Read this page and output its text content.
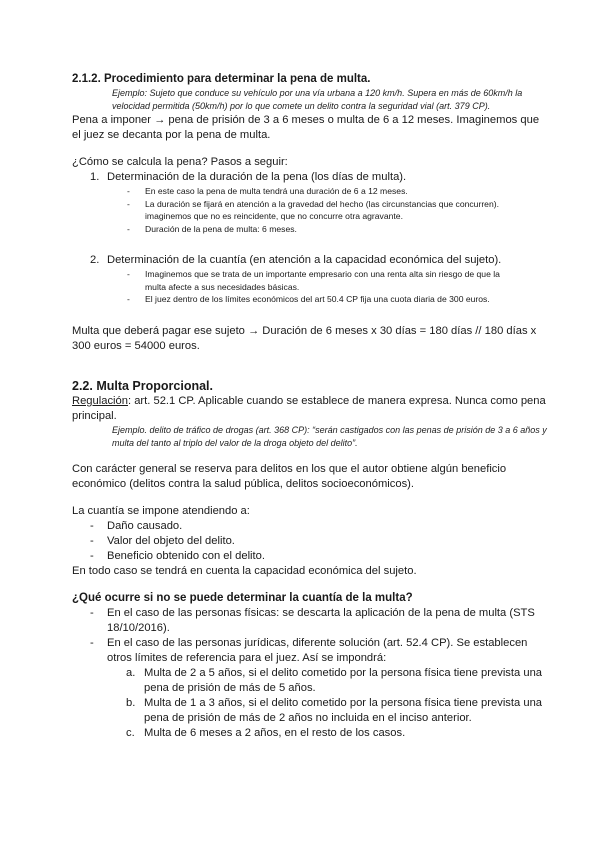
2.1.2. Procedimiento para determinar la pena de multa.
Ejemplo: Sujeto que conduce su vehículo por una vía urbana a 120 km/h. Supera en más de 60km/h la velocidad permitida (50km/h) por lo que comete un delito contra la seguridad vial (art. 379 CP).
Pena a imponer → pena de prisión de 3 a 6 meses o multa de 6 a 12 meses. Imaginemos que el juez se decanta por la pena de multa.
¿Cómo se calcula la pena? Pasos a seguir:
1. Determinación de la duración de la pena (los días de multa).
- En este caso la pena de multa tendrá una duración de 6 a 12 meses.
- La duración se fijará en atención a la gravedad del hecho (las circunstancias que concurren). imaginemos que no es reincidente, que no concurre otra agravante.
- Duración de la pena de multa: 6 meses.
2. Determinación de la cuantía (en atención a la capacidad económica del sujeto).
- Imaginemos que se trata de un importante empresario con una renta alta sin riesgo de que la multa afecte a sus necesidades básicas.
- El juez dentro de los límites económicos del art 50.4 CP fija una cuota diaria de 300 euros.
Multa que deberá pagar ese sujeto → Duración de 6 meses x 30 días = 180 días // 180 días x 300 euros = 54000 euros.
2.2. Multa Proporcional.
Regulación: art. 52.1 CP. Aplicable cuando se establece de manera expresa. Nunca como pena principal.
Ejemplo. delito de tráfico de drogas (art. 368 CP): “serán castigados con las penas de prisión de 3 a 6 años y multa del tanto al triplo del valor de la droga objeto del delito”.
Con carácter general se reserva para delitos en los que el autor obtiene algún beneficio económico (delitos contra la salud pública, delitos socioeconómicos).
La cuantía se impone atendiendo a:
- Daño causado.
- Valor del objeto del delito.
- Beneficio obtenido con el delito.
En todo caso se tendrá en cuenta la capacidad económica del sujeto.
¿Qué ocurre si no se puede determinar la cuantía de la multa?
- En el caso de las personas físicas: se descarta la aplicación de la pena de multa (STS 18/10/2016).
- En el caso de las personas jurídicas, diferente solución (art. 52.4 CP). Se establecen otros límites de referencia para el juez. Así se impondrá:
a. Multa de 2 a 5 años, si el delito cometido por la persona física tiene prevista una pena de prisión de más de 5 años.
b. Multa de 1 a 3 años, si el delito cometido por la persona física tiene prevista una pena de prisión de más de 2 años no incluida en el inciso anterior.
c. Multa de 6 meses a 2 años, en el resto de los casos.
